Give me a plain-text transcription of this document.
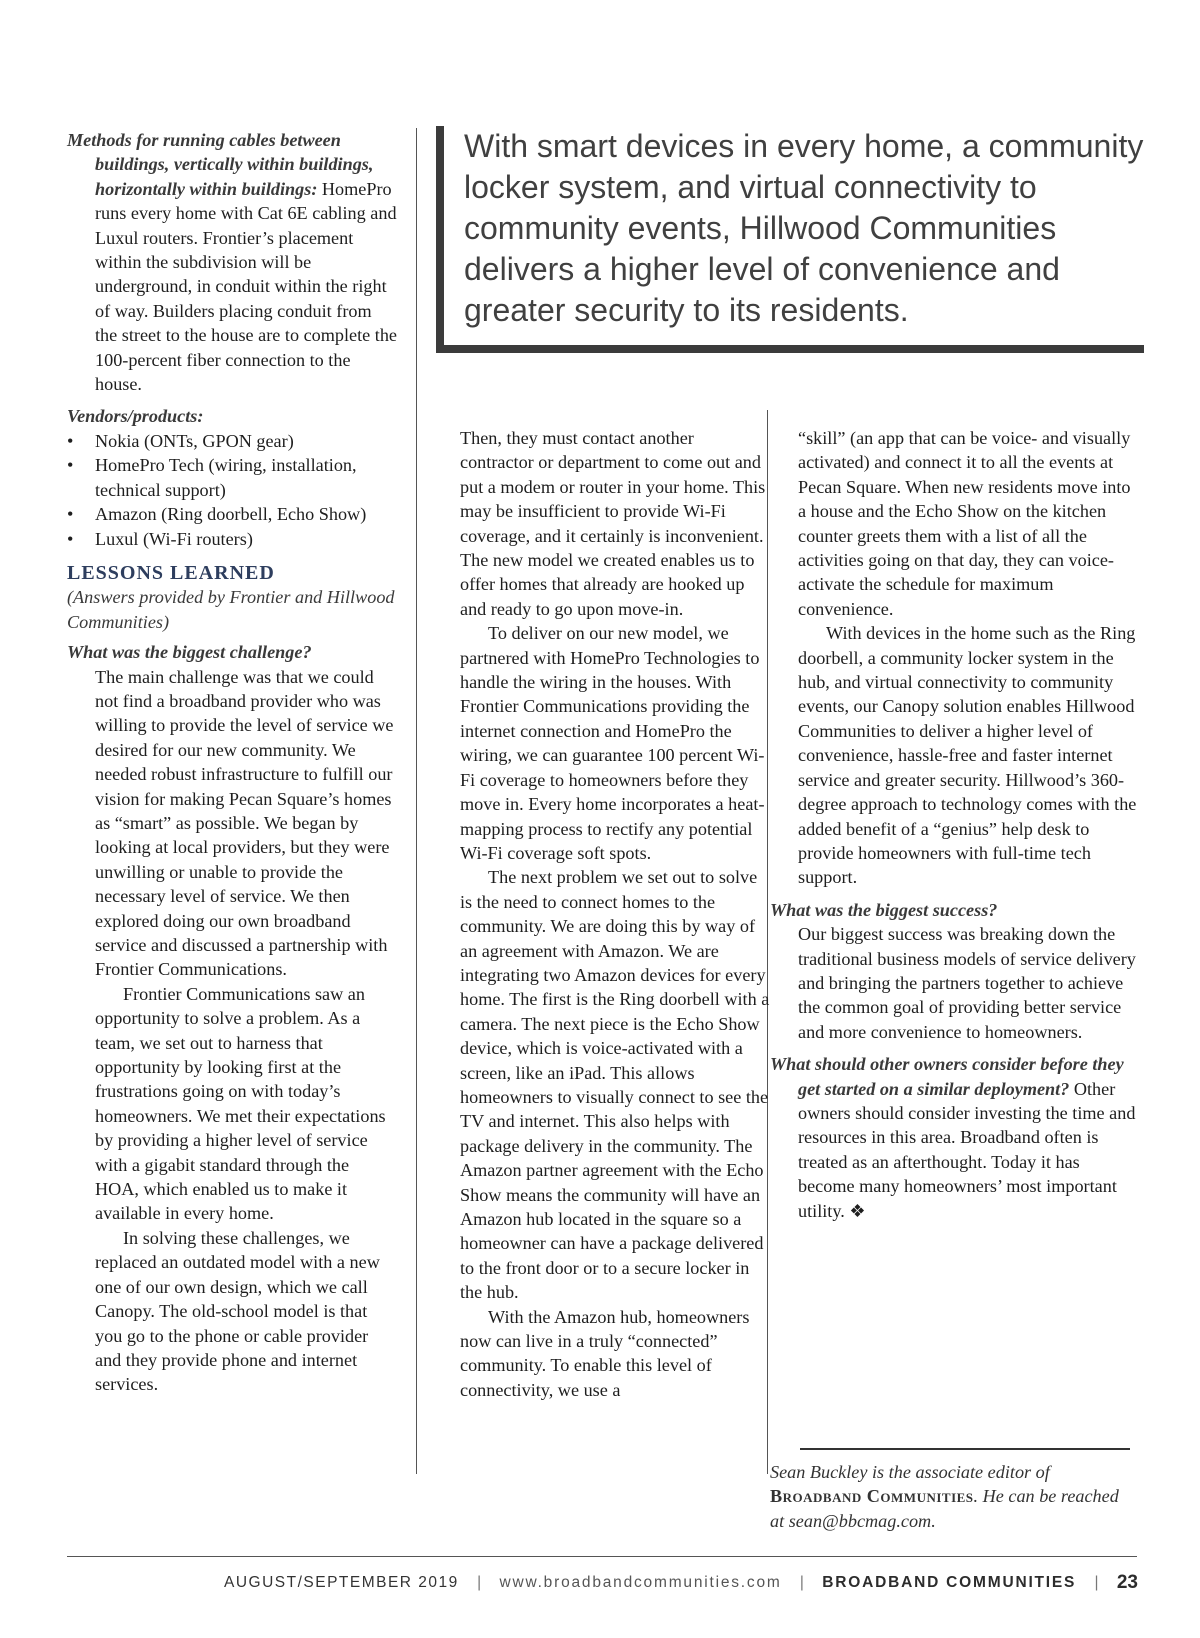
Methods for running cables between buildings, vertically within buildings, horizontally within buildings: HomePro runs every home with Cat 6E cabling and Luxul routers. Frontier’s placement within the subdivision will be underground, in conduit within the right of way. Builders placing conduit from the street to the house are to complete the 100-percent fiber connection to the house.

Vendors/products:

• Nokia (ONTs, GPON gear)
• HomePro Tech (wiring, installation, technical support)
• Amazon (Ring doorbell, Echo Show)
• Luxul (Wi-Fi routers)

LESSONS LEARNED

(Answers provided by Frontier and Hillwood Communities)

What was the biggest challenge?

The main challenge was that we could not find a broadband provider who was willing to provide the level of service we desired for our new community. We needed robust infrastructure to fulfill our vision for making Pecan Square’s homes as “smart” as possible. We began by looking at local providers, but they were unwilling or unable to provide the necessary level of service. We then explored doing our own broadband service and discussed a partnership with Frontier Communications.

Frontier Communications saw an opportunity to solve a problem. As a team, we set out to harness that opportunity by looking first at the frustrations going on with today’s homeowners. We met their expectations by providing a higher level of service with a gigabit standard through the HOA, which enabled us to make it available in every home.

In solving these challenges, we replaced an outdated model with a new one of our own design, which we call Canopy. The old-school model is that you go to the phone or cable provider and they provide phone and internet services.

With smart devices in every home, a community locker system, and virtual connectivity to community events, Hillwood Communities delivers a higher level of convenience and greater security to its residents.

Then, they must contact another contractor or department to come out and put a modem or router in your home. This may be insufficient to provide Wi-Fi coverage, and it certainly is inconvenient. The new model we created enables us to offer homes that already are hooked up and ready to go upon move-in.

To deliver on our new model, we partnered with HomePro Technologies to handle the wiring in the houses. With Frontier Communications providing the internet connection and HomePro the wiring, we can guarantee 100 percent Wi-Fi coverage to homeowners before they move in. Every home incorporates a heat-mapping process to rectify any potential Wi-Fi coverage soft spots.

The next problem we set out to solve is the need to connect homes to the community. We are doing this by way of an agreement with Amazon. We are integrating two Amazon devices for every home. The first is the Ring doorbell with a camera. The next piece is the Echo Show device, which is voice-activated with a screen, like an iPad. This allows homeowners to visually connect to see the TV and internet. This also helps with package delivery in the community. The Amazon partner agreement with the Echo Show means the community will have an Amazon hub located in the square so a homeowner can have a package delivered to the front door or to a secure locker in the hub.

With the Amazon hub, homeowners now can live in a truly “connected” community. To enable this level of connectivity, we use a

“skill” (an app that can be voice- and visually activated) and connect it to all the events at Pecan Square. When new residents move into a house and the Echo Show on the kitchen counter greets them with a list of all the activities going on that day, they can voice-activate the schedule for maximum convenience.

With devices in the home such as the Ring doorbell, a community locker system in the hub, and virtual connectivity to community events, our Canopy solution enables Hillwood Communities to deliver a higher level of convenience, hassle-free and faster internet service and greater security. Hillwood’s 360-degree approach to technology comes with the added benefit of a “genius” help desk to provide homeowners with full-time tech support.

What was the biggest success?

Our biggest success was breaking down the traditional business models of service delivery and bringing the partners together to achieve the common goal of providing better service and more convenience to homeowners.

What should other owners consider before they get started on a similar deployment? Other owners should consider investing the time and resources in this area. Broadband often is treated as an afterthought. Today it has become many homeowners’ most important utility. ❖

Sean Buckley is the associate editor of Broadband Communities. He can be reached at sean@bbcmag.com.
AUGUST/SEPTEMBER 2019 | www.broadbandcommunities.com | BROADBAND COMMUNITIES | 23
